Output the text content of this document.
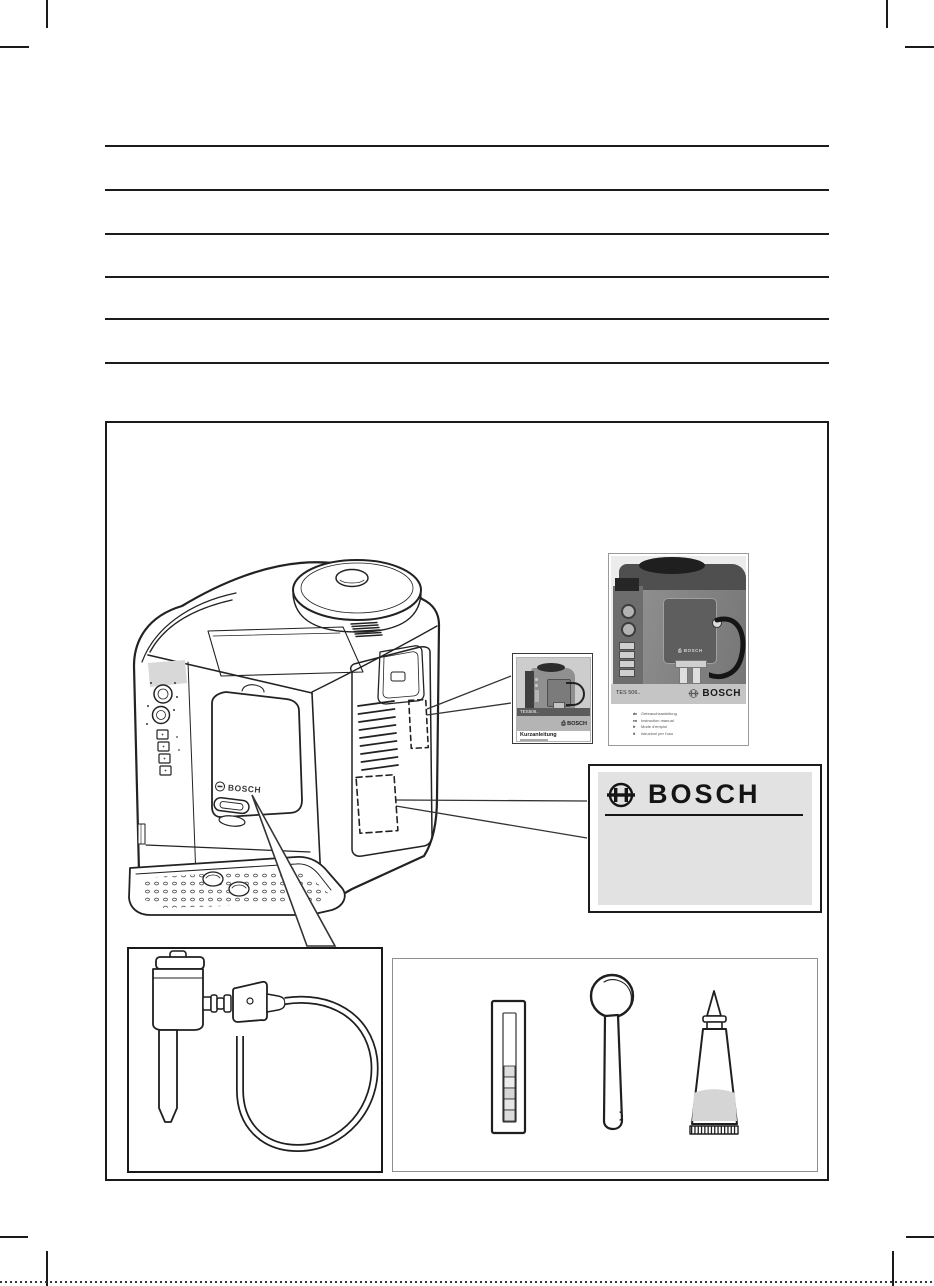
BOSCH
TES506..
⎙ BOSCH
Kurzanleitung
⎙ BOSCH
TES 506..	BOSCH
de Gebrauchsanleitung
en Instruction manual
fr Mode d'emploi
it Istruzioni per l'uso
BOSCH
